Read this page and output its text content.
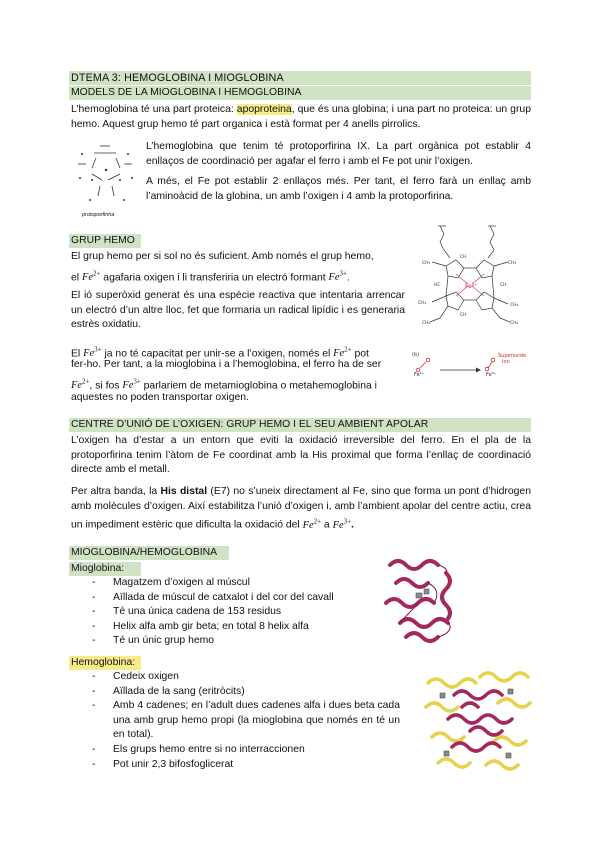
DTEMA 3: HEMOGLOBINA I MIOGLOBINA
MODELS DE LA MIOGLOBINA I HEMOGLOBINA

L’hemoglobina té una part proteica: apoproteina, que és una globina; i una part no proteica: un grup hemo. Aquest grup hemo té part organica i està format per 4 anells pirrolics.

protoporfirina

L’hemoglobina que tenim té protoporfirina IX. La part orgànica pot establir 4 enllaços de coordinació per agafar el ferro i amb el Fe pot unir l’oxigen.

A més, el Fe pot establir 2 enllaços més. Per tant, el ferro farà un enllaç amb l’aminoàcid de la globina, un amb l’oxigen i 4 amb la protoporfirina.

GRUP HEMO
El grup hemo per si sol no és suficient. Amb només el grup hemo,
el $Fe^{2+}$ agafaria oxigen i li transferiria un electró formant $Fe^{3+}$.

El ió superòxid generat és una espècie reactiva que intentaria arrencar un electró d’un altre lloc, fet que formaria un radical lipídic i es generaria estrès oxidatiu.

El $Fe^{3+}$ ja no té capacitat per unir-se a l’oxigen, només el $Fe^{2+}$ pot
fer-ho. Per tant, a la mioglobina i a l’hemoglobina, el ferro ha de ser
$Fe^{2+}$, si fos $Fe^{3+}$ parlariem de metamioglobina o metahemoglobina i
aquestes no poden transportar oxigen.
Fe²⁺
CH₃	CH₃
CH₃	CH₃
CH₂	CH₂
CH
CH
HC	CH
(b)	Superoxide
ion
Fe²⁺	Fe³⁺
CENTRE D’UNIÓ DE L’OXIGEN: GRUP HEMO I EL SEU AMBIENT APOLAR

L’oxigen ha d’estar a un entorn que eviti la oxidació irreversible del ferro. En el pla de la protoporfirina tenim l’àtom de Fe coordinat amb la His proximal que forma l’enllaç de coordinació directe amb el metall.

Per altra banda, la His distal (E7) no s’uneix directament al Fe, sino que forma un pont d’hidrogen amb molècules d’oxigen. Així estabilitza l’unió d’oxigen i, amb l’ambient apolar del centre actiu, crea un impediment estèric que dificulta la oxidació del $Fe^{2+}$ a $Fe^{3+}$.

MIOGLOBINA/HEMOGLOBINA
Mioglobina:
- Magatzem d’oxigen al múscul
- Aïllada de múscul de catxalot i del cor del cavall
- Té una única cadena de 153 residus
- Helix alfa amb gir beta; en total 8 helix alfa
- Té un únic grup hemo
Hemoglobina:
- Cedeix oxigen
- Aïllada de la sang (eritròcits)
- Amb 4 cadenes; en l’adult dues cadenes alfa i dues beta cada una amb grup hemo propi (la mioglobina que només en té un en total).
- Els grups hemo entre si no interraccionen
- Pot unir 2,3 bifosfoglicerat
